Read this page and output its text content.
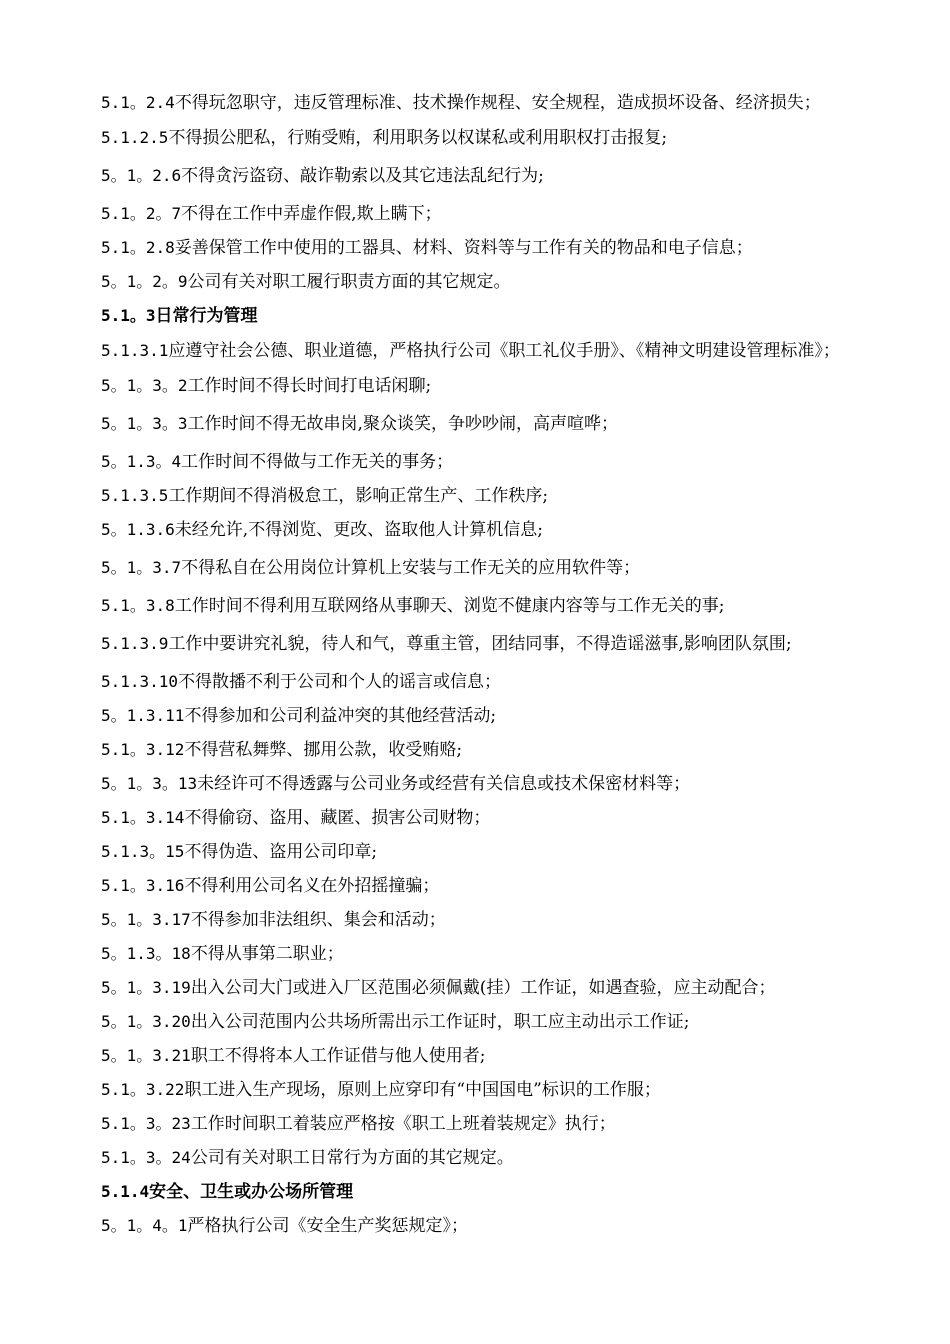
5.1。2.4不得玩忽职守，违反管理标准、技术操作规程、安全规程，造成损坏设备、经济损失；

5.1.2.5不得损公肥私，行贿受贿，利用职务以权谋私或利用职权打击报复;

5。1。2.6不得贪污盗窃、敲诈勒索以及其它违法乱纪行为;

5.1。2。7不得在工作中弄虚作假,欺上瞒下；

5.1。2.8妥善保管工作中使用的工器具、材料、资料等与工作有关的物品和电子信息；

5。1。2。9公司有关对职工履行职责方面的其它规定。

5.1。3日常行为管理

5.1.3.1应遵守社会公德、职业道德，严格执行公司《职工礼仪手册》、《精神文明建设管理标准》；

5。1。3。2工作时间不得长时间打电话闲聊;

5。1。3。3工作时间不得无故串岗,聚众谈笑，争吵吵闹，高声喧哗；

5。1.3。4工作时间不得做与工作无关的事务；

5.1.3.5工作期间不得消极怠工，影响正常生产、工作秩序;

5。1.3.6未经允许,不得浏览、更改、盗取他人计算机信息;

5。1。3.7不得私自在公用岗位计算机上安装与工作无关的应用软件等；

5.1。3.8工作时间不得利用互联网络从事聊天、浏览不健康内容等与工作无关的事;

5.1.3.9工作中要讲究礼貌，待人和气，尊重主管，团结同事，不得造谣滋事,影响团队氛围;

5.1.3.10不得散播不利于公司和个人的谣言或信息；

5。1.3.11不得参加和公司利益冲突的其他经营活动;

5.1。3.12不得营私舞弊、挪用公款，收受贿赂;

5。1。3。13未经许可不得透露与公司业务或经营有关信息或技术保密材料等；

5.1。3.14不得偷窃、盗用、藏匿、损害公司财物；

5.1.3。15不得伪造、盗用公司印章;

5.1。3.16不得利用公司名义在外招摇撞骗；

5。1。3.17不得参加非法组织、集会和活动；

5。1.3。18不得从事第二职业；

5。1。3.19出入公司大门或进入厂区范围必须佩戴(挂）工作证，如遇查验，应主动配合；

5。1。3.20出入公司范围内公共场所需出示工作证时，职工应主动出示工作证;

5。1。3.21职工不得将本人工作证借与他人使用者;

5.1。3.22职工进入生产现场，原则上应穿印有“中国国电”标识的工作服；

5.1。3。23工作时间职工着装应严格按《职工上班着装规定》执行；

5.1。3。24公司有关对职工日常行为方面的其它规定。

5.1.4安全、卫生或办公场所管理

5。1。4。1严格执行公司《安全生产奖惩规定》；
